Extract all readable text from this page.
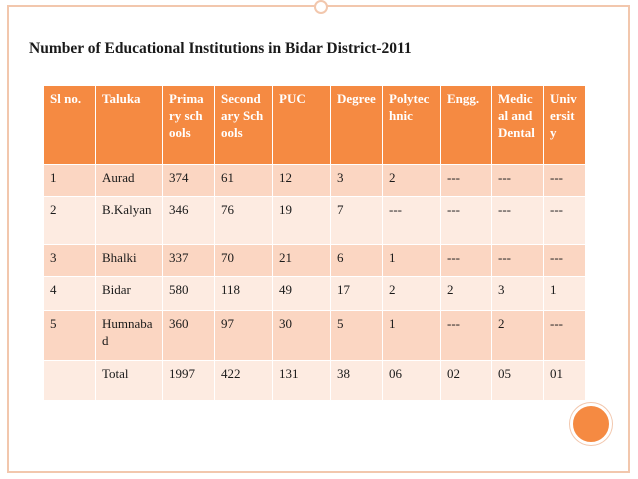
Number of Educational Institutions in Bidar District-2011
Sl no.	Taluka	Primary schools	Secondary Schools	PUC	Degree	Polytechnic	Engg.	Medical and Dental	University
1	Aurad	374	61	12	3	2	---	---	---
2	B.Kalyan	346	76	19	7	---	---	---	---
3	Bhalki	337	70	21	6	1	---	---	---
4	Bidar	580	118	49	17	2	2	3	1
5	Humnabad	360	97	30	5	1	---	2	---
	Total	1997	422	131	38	06	02	05	01
